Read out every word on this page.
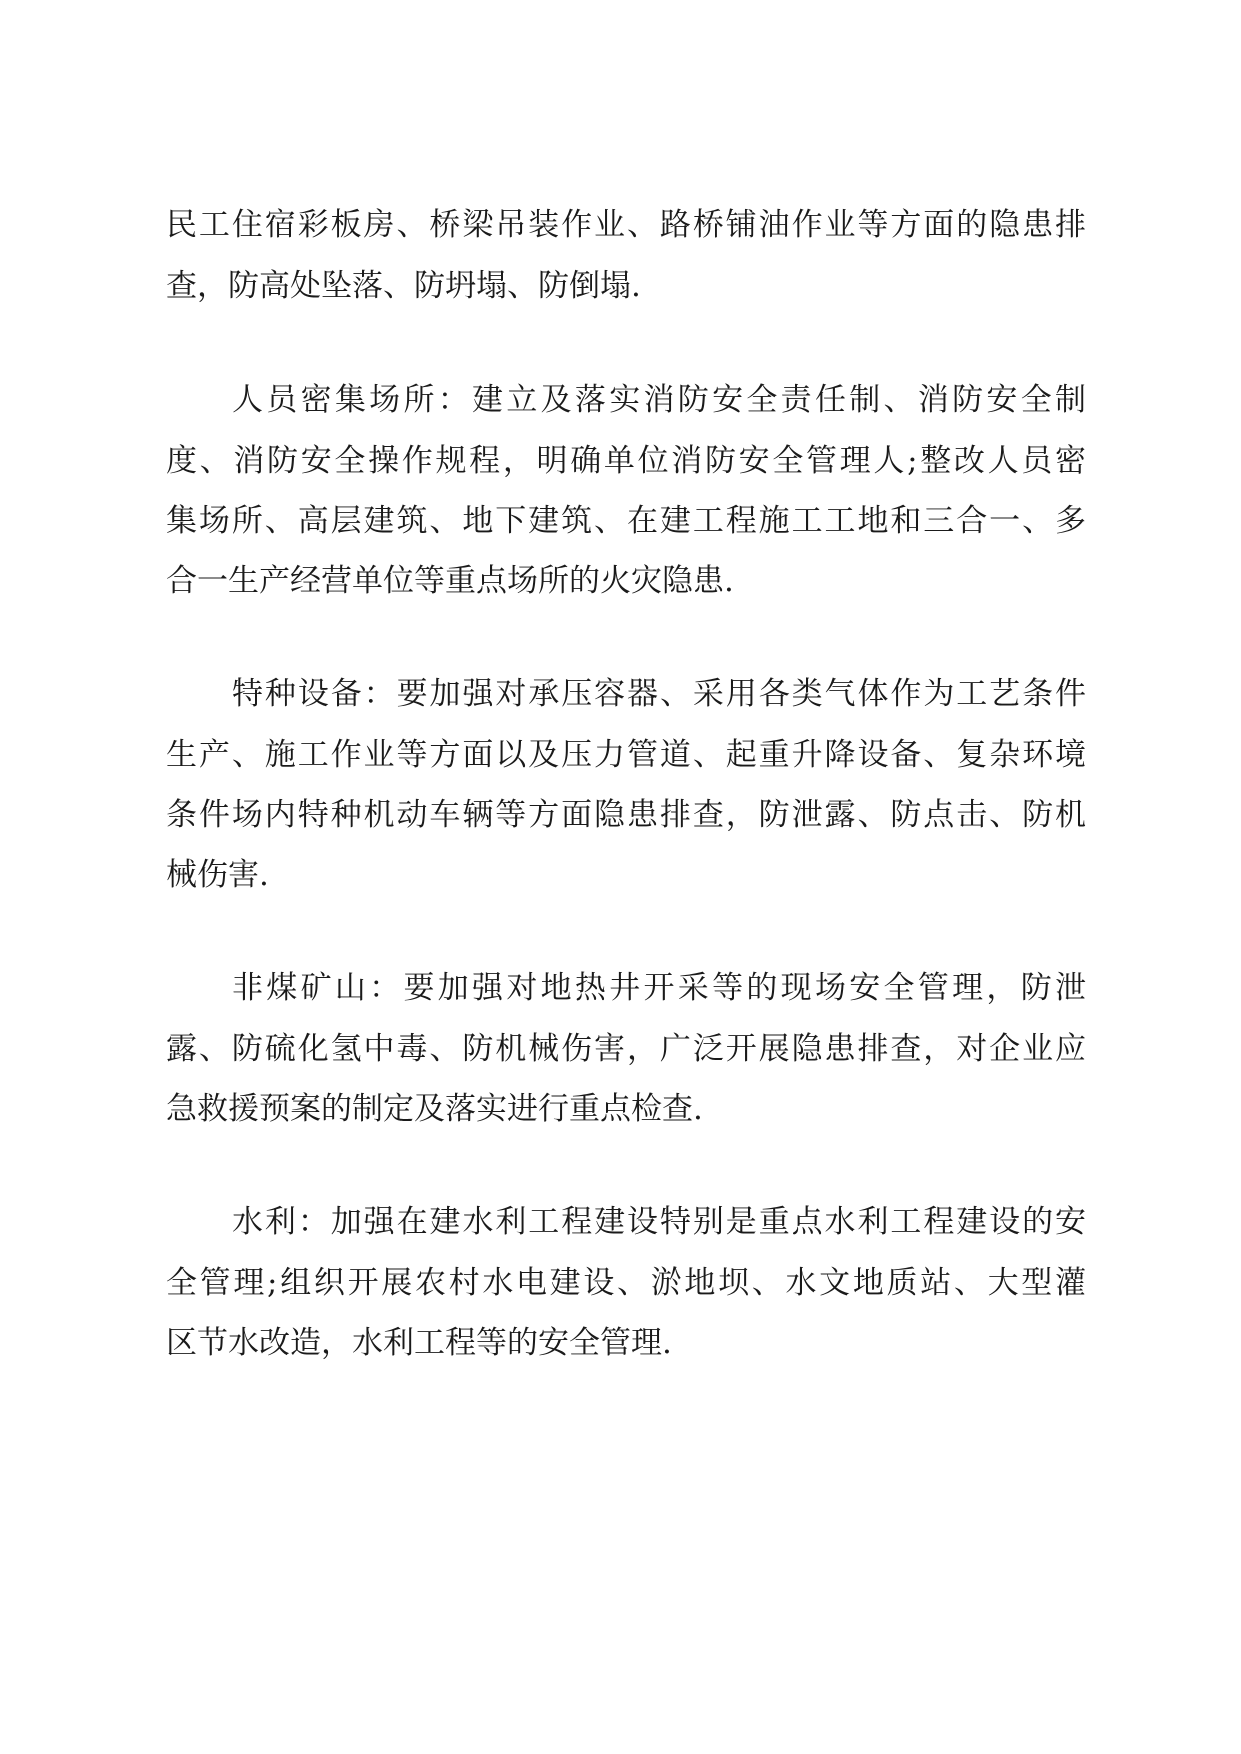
民工住宿彩板房、桥梁吊装作业、路桥铺油作业等方面的隐患排

查，防高处坠落、防坍塌、防倒塌.

人员密集场所：建立及落实消防安全责任制、消防安全制

度、消防安全操作规程，明确单位消防安全管理人;整改人员密

集场所、高层建筑、地下建筑、在建工程施工工地和三合一、多

合一生产经营单位等重点场所的火灾隐患.

特种设备：要加强对承压容器、采用各类气体作为工艺条件

生产、施工作业等方面以及压力管道、起重升降设备、复杂环境

条件场内特种机动车辆等方面隐患排查，防泄露、防点击、防机

械伤害.

非煤矿山：要加强对地热井开采等的现场安全管理，防泄

露、防硫化氢中毒、防机械伤害，广泛开展隐患排查，对企业应

急救援预案的制定及落实进行重点检查.

水利：加强在建水利工程建设特别是重点水利工程建设的安

全管理;组织开展农村水电建设、淤地坝、水文地质站、大型灌

区节水改造，水利工程等的安全管理.
